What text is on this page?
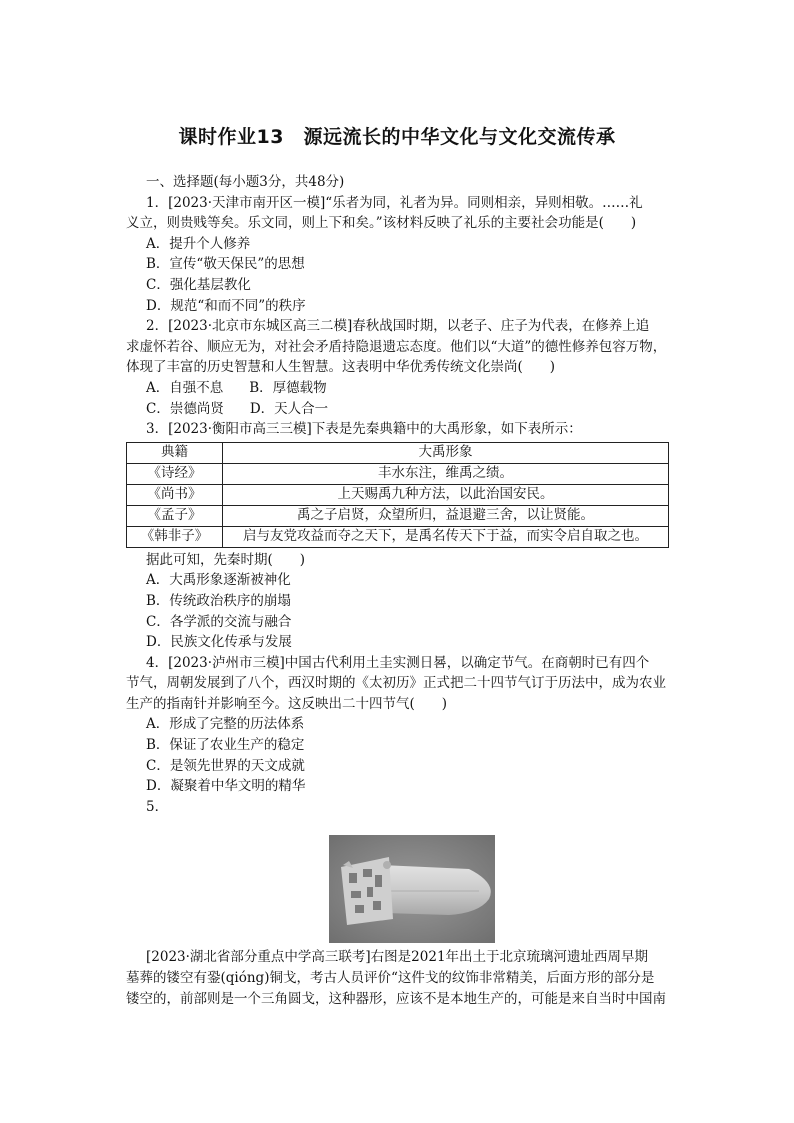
课时作业13　源远流长的中华文化与文化交流传承
一、选择题(每小题3分，共48分)
1．[2023·天津市南开区一模]“乐者为同，礼者为异。同则相亲，异则相敬。……礼
义立，则贵贱等矣。乐文同，则上下和矣。”该材料反映了礼乐的主要社会功能是(　　)
A．提升个人修养
B．宣传“敬天保民”的思想
C．强化基层教化
D．规范“和而不同”的秩序
2．[2023·北京市东城区高三二模]春秋战国时期，以老子、庄子为代表，在修养上追
求虚怀若谷、顺应无为，对社会矛盾持隐退遗忘态度。他们以“大道”的德性修养包容万物，
体现了丰富的历史智慧和人生智慧。这表明中华优秀传统文化崇尚(　　)
A．自强不息 B．厚德载物
C．崇德尚贤 D．天人合一
3．[2023·衡阳市高三三模]下表是先秦典籍中的大禹形象，如下表所示：
典籍	大禹形象
《诗经》	丰水东注，维禹之绩。
《尚书》	上天赐禹九种方法，以此治国安民。
《孟子》	禹之子启贤，众望所归，益退避三舍，以让贤能。
《韩非子》	启与友党攻益而夺之天下，是禹名传天下于益，而实令启自取之也。
据此可知，先秦时期(　　)
A．大禹形象逐渐被神化
B．传统政治秩序的崩塌
C．各学派的交流与融合
D．民族文化传承与发展
4．[2023·泸州市三模]中国古代利用土圭实测日晷，以确定节气。在商朝时已有四个
节气，周朝发展到了八个，西汉时期的《太初历》正式把二十四节气订于历法中，成为农业
生产的指南针并影响至今。这反映出二十四节气(　　)
A．形成了完整的历法体系
B．保证了农业生产的稳定
C．是领先世界的天文成就
D．凝聚着中华文明的精华
5．
[2023·湖北省部分重点中学高三联考]右图是2021年出土于北京琉璃河遗址西周早期
墓葬的镂空有銎(qióng)铜戈，考古人员评价“这件戈的纹饰非常精美，后面方形的部分是
镂空的，前部则是一个三角圆戈，这种器形，应该不是本地生产的，可能是来自当时中国南
